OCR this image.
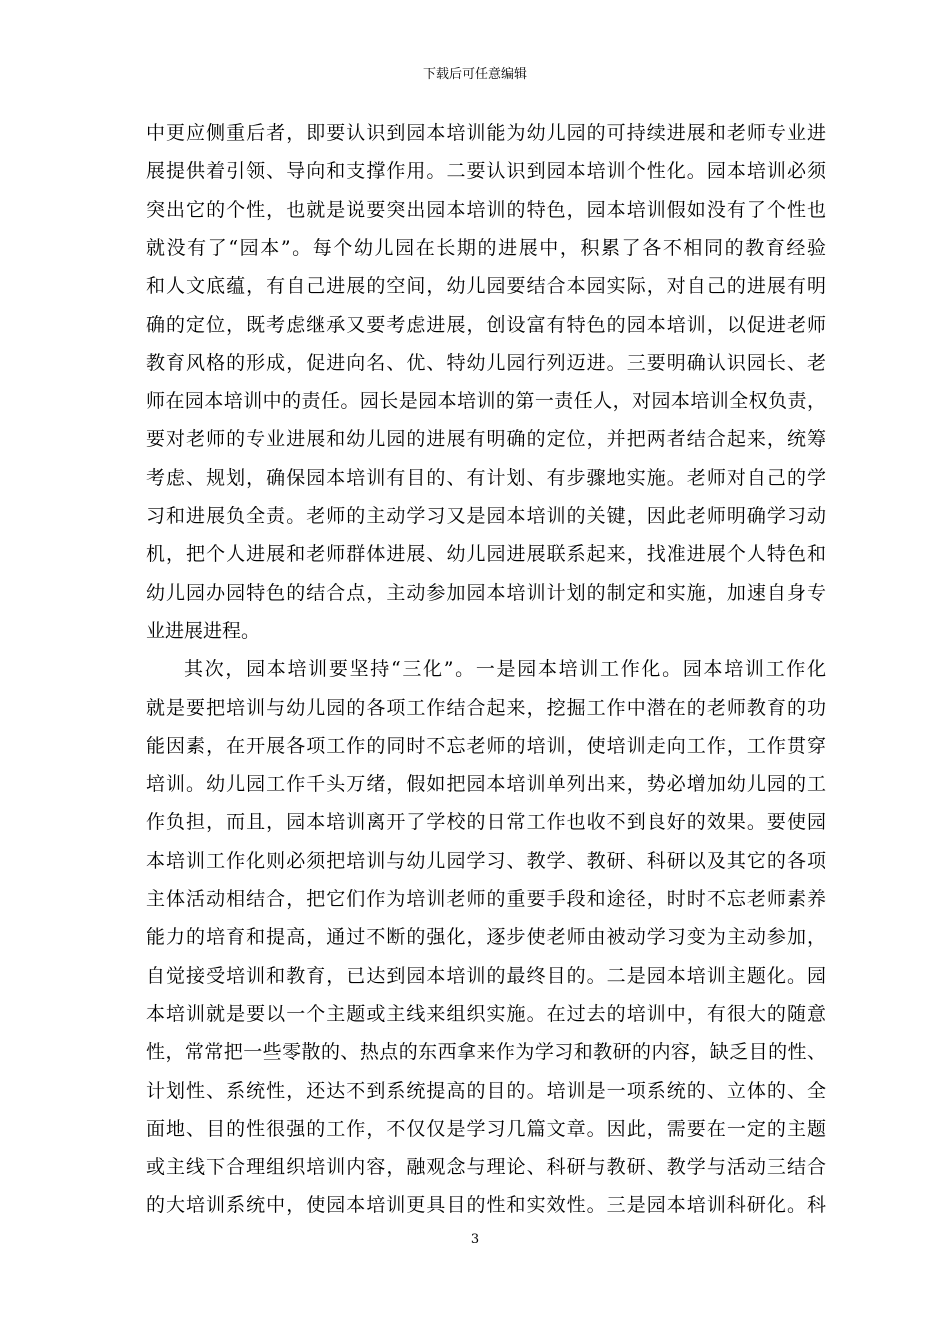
下载后可任意编辑
中更应侧重后者，即要认识到园本培训能为幼儿园的可持续进展和老师专业进
展提供着引领、导向和支撑作用。二要认识到园本培训个性化。园本培训必须
突出它的个性，也就是说要突出园本培训的特色，园本培训假如没有了个性也
就没有了“园本”。每个幼儿园在长期的进展中，积累了各不相同的教育经验
和人文底蕴，有自己进展的空间，幼儿园要结合本园实际，对自己的进展有明
确的定位，既考虑继承又要考虑进展，创设富有特色的园本培训，以促进老师
教育风格的形成，促进向名、优、特幼儿园行列迈进。三要明确认识园长、老
师在园本培训中的责任。园长是园本培训的第一责任人，对园本培训全权负责，
要对老师的专业进展和幼儿园的进展有明确的定位，并把两者结合起来，统筹
考虑、规划，确保园本培训有目的、有计划、有步骤地实施。老师对自己的学
习和进展负全责。老师的主动学习又是园本培训的关键，因此老师明确学习动
机，把个人进展和老师群体进展、幼儿园进展联系起来，找准进展个人特色和
幼儿园办园特色的结合点，主动参加园本培训计划的制定和实施，加速自身专
业进展进程。
其次，园本培训要坚持“三化”。一是园本培训工作化。园本培训工作化
就是要把培训与幼儿园的各项工作结合起来，挖掘工作中潜在的老师教育的功
能因素，在开展各项工作的同时不忘老师的培训，使培训走向工作，工作贯穿
培训。幼儿园工作千头万绪，假如把园本培训单列出来，势必增加幼儿园的工
作负担，而且，园本培训离开了学校的日常工作也收不到良好的效果。要使园
本培训工作化则必须把培训与幼儿园学习、教学、教研、科研以及其它的各项
主体活动相结合，把它们作为培训老师的重要手段和途径，时时不忘老师素养
能力的培育和提高，通过不断的强化，逐步使老师由被动学习变为主动参加，
自觉接受培训和教育，已达到园本培训的最终目的。二是园本培训主题化。园
本培训就是要以一个主题或主线来组织实施。在过去的培训中，有很大的随意
性，常常把一些零散的、热点的东西拿来作为学习和教研的内容，缺乏目的性、
计划性、系统性，还达不到系统提高的目的。培训是一项系统的、立体的、全
面地、目的性很强的工作，不仅仅是学习几篇文章。因此，需要在一定的主题
或主线下合理组织培训内容，融观念与理论、科研与教研、教学与活动三结合
的大培训系统中，使园本培训更具目的性和实效性。三是园本培训科研化。科
3
